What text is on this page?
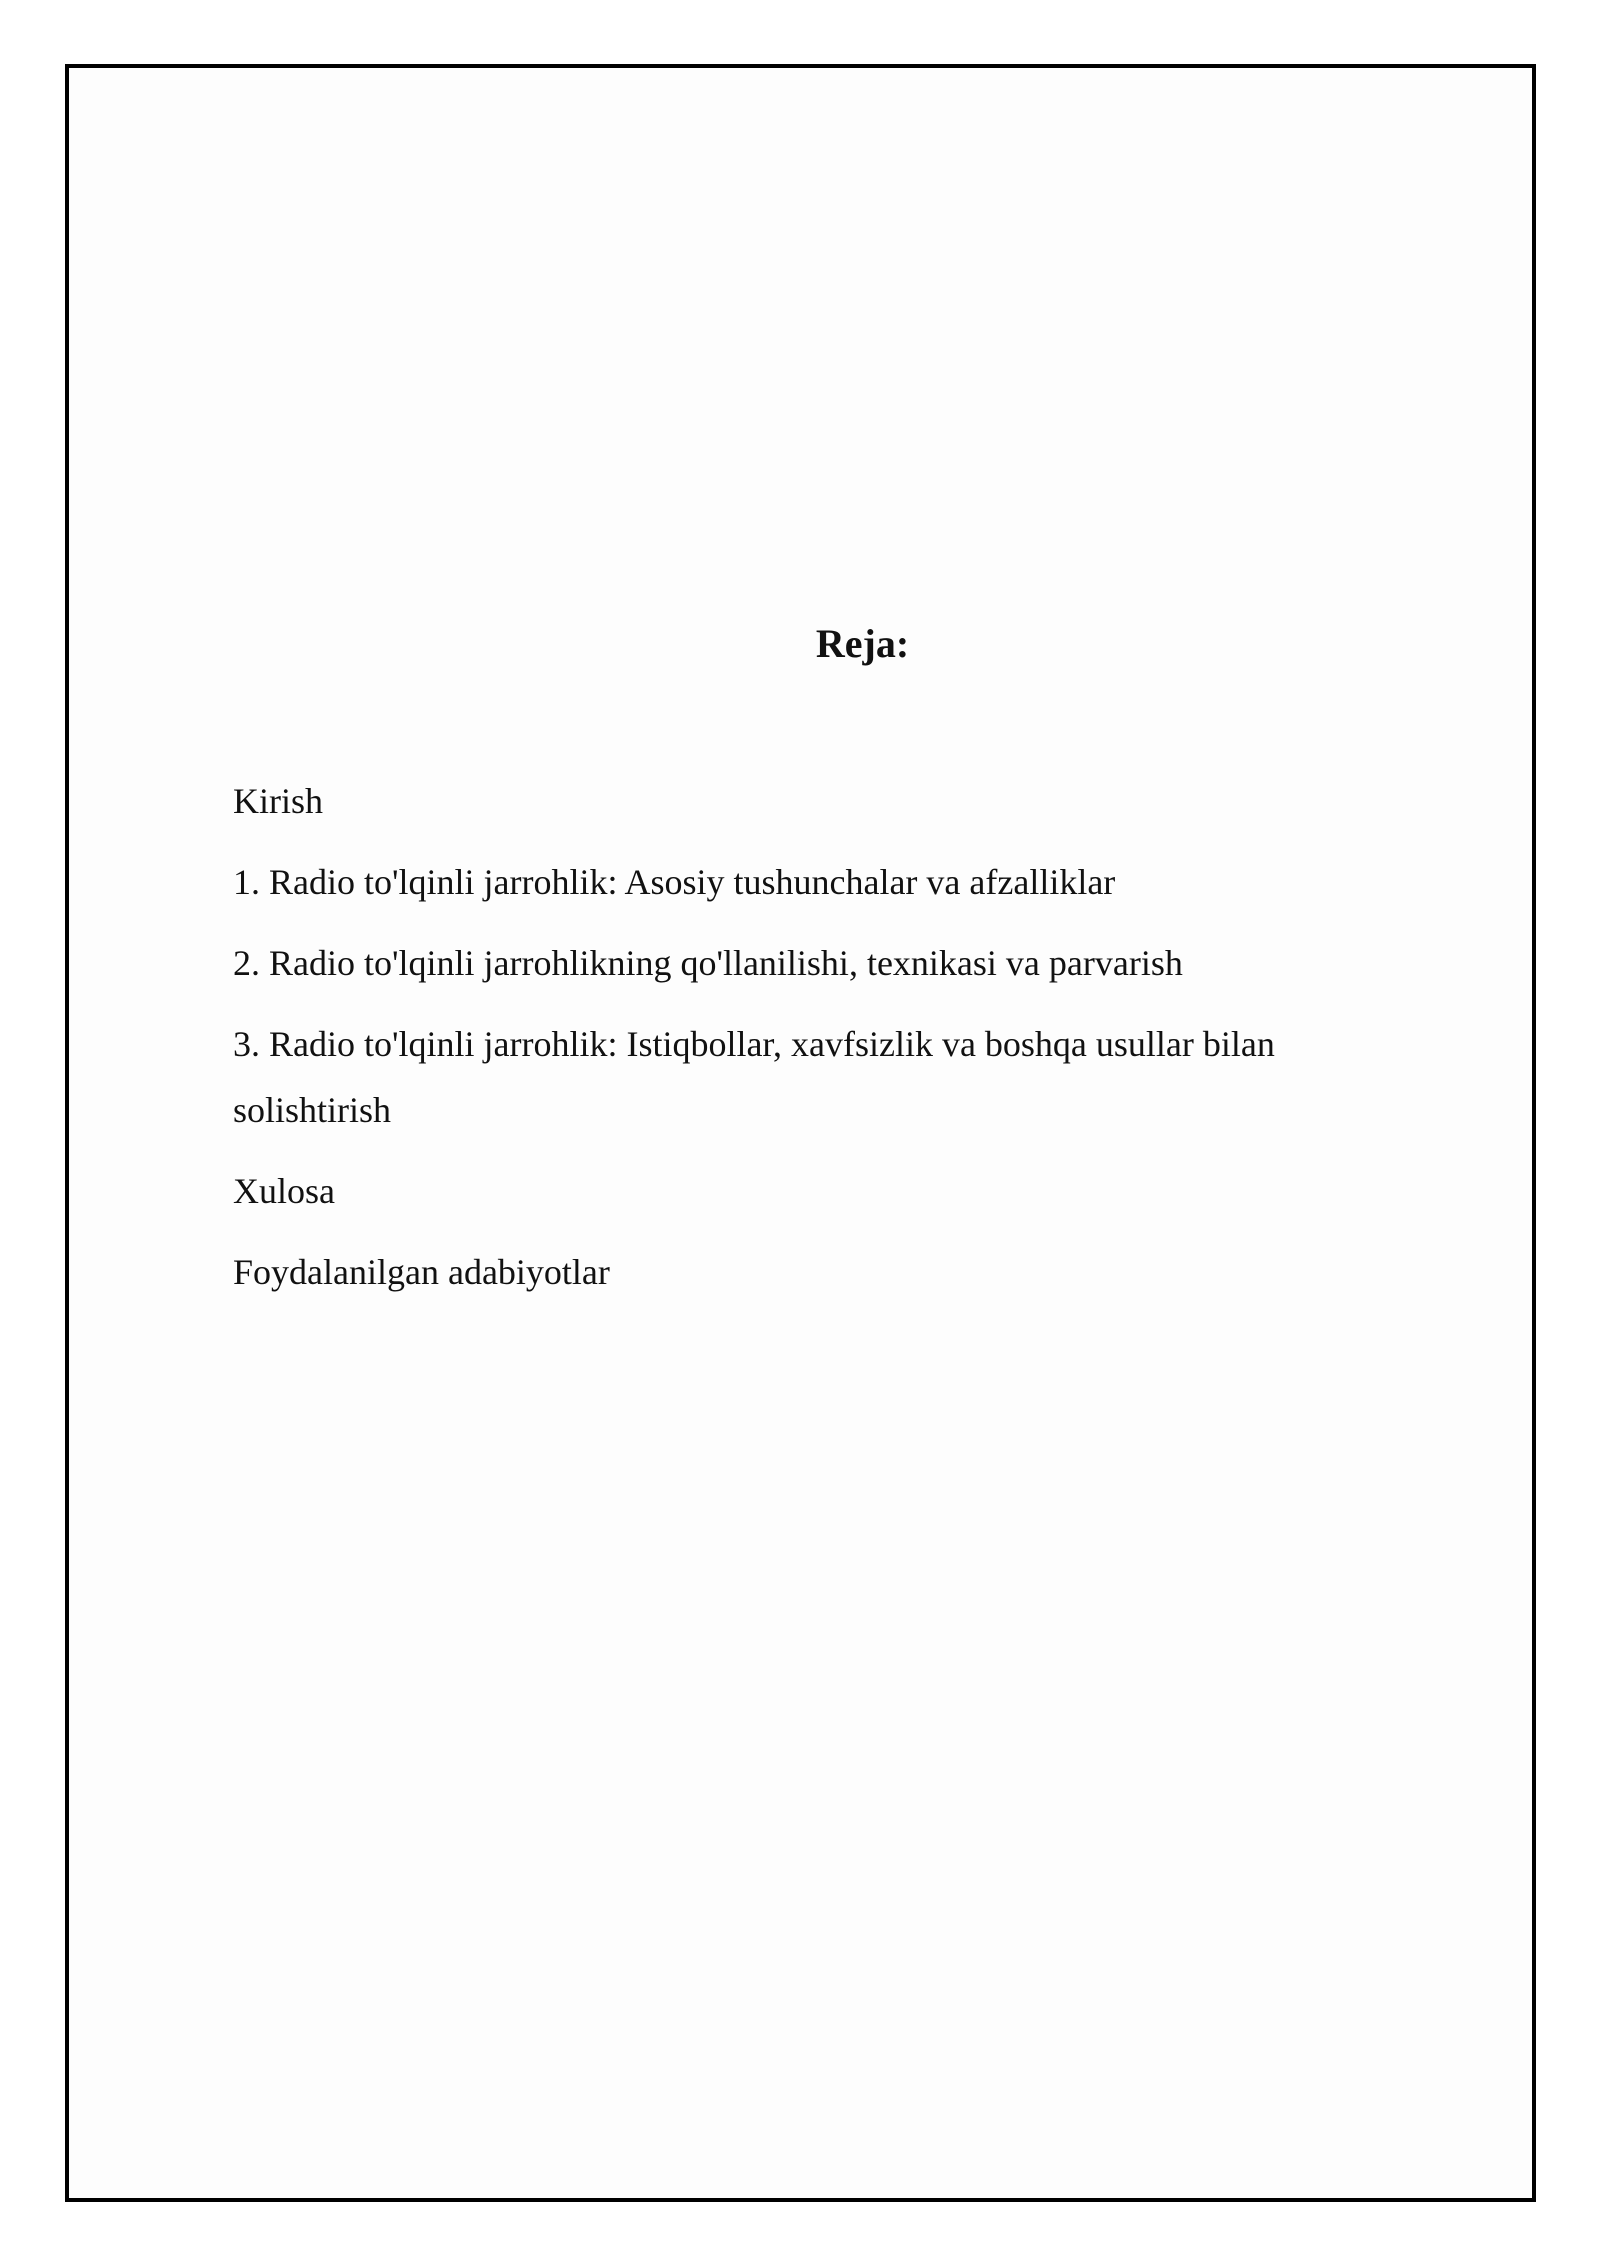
Reja:
Kirish
1. Radio to'lqinli jarrohlik: Asosiy tushunchalar va afzalliklar
2. Radio to'lqinli jarrohlikning qo'llanilishi, texnikasi va parvarish
3. Radio to'lqinli jarrohlik: Istiqbollar, xavfsizlik va boshqa usullar bilan solishtirish
Xulosa
Foydalanilgan adabiyotlar
